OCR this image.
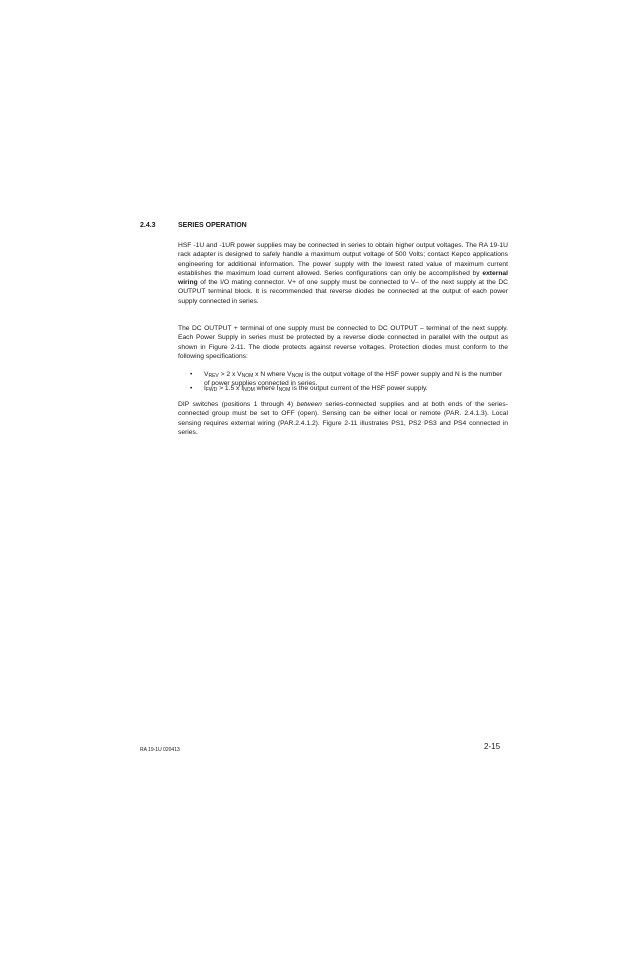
2.4.3	SERIES OPERATION
HSF -1U and -1UR power supplies may be connected in series to obtain higher output voltages. The RA 19-1U rack adapter is designed to safely handle a maximum output voltage of 500 Volts; contact Kepco applications engineering for additional information. The power supply with the lowest rated value of maximum current establishes the maximum load current allowed. Series configurations can only be accomplished by external wiring of the I/O mating connector. V+ of one supply must be connected to V– of the next supply at the DC OUTPUT terminal block. It is recommended that reverse diodes be connected at the output of each power supply connected in series.
The DC OUTPUT + terminal of one supply must be connected to DC OUTPUT – terminal of the next supply. Each Power Supply in series must be protected by a reverse diode connected in parallel with the output as shown in Figure 2-11. The diode protects against reverse voltages. Protection diodes must conform to the following specifications:
• $V_{REV} > 2$ x $V_{NOM}$ x N where $V_{NOM}$ is the output voltage of the HSF power supply and N is the number of power supplies connected in series.
• $I_{FWD} > 1.5$ x $I_{NOM}$ where $I_{NOM}$ is the output current of the HSF power supply.
DIP switches (positions 1 through 4) between series-connected supplies and at both ends of the series-connected group must be set to OFF (open). Sensing can be either local or remote (PAR. 2.4.1.3). Local sensing requires external wiring (PAR.2.4.1.2). Figure 2-11 illustrates PS1, PS2 PS3 and PS4 connected in series.
RA 19-1U 020413	2-15
